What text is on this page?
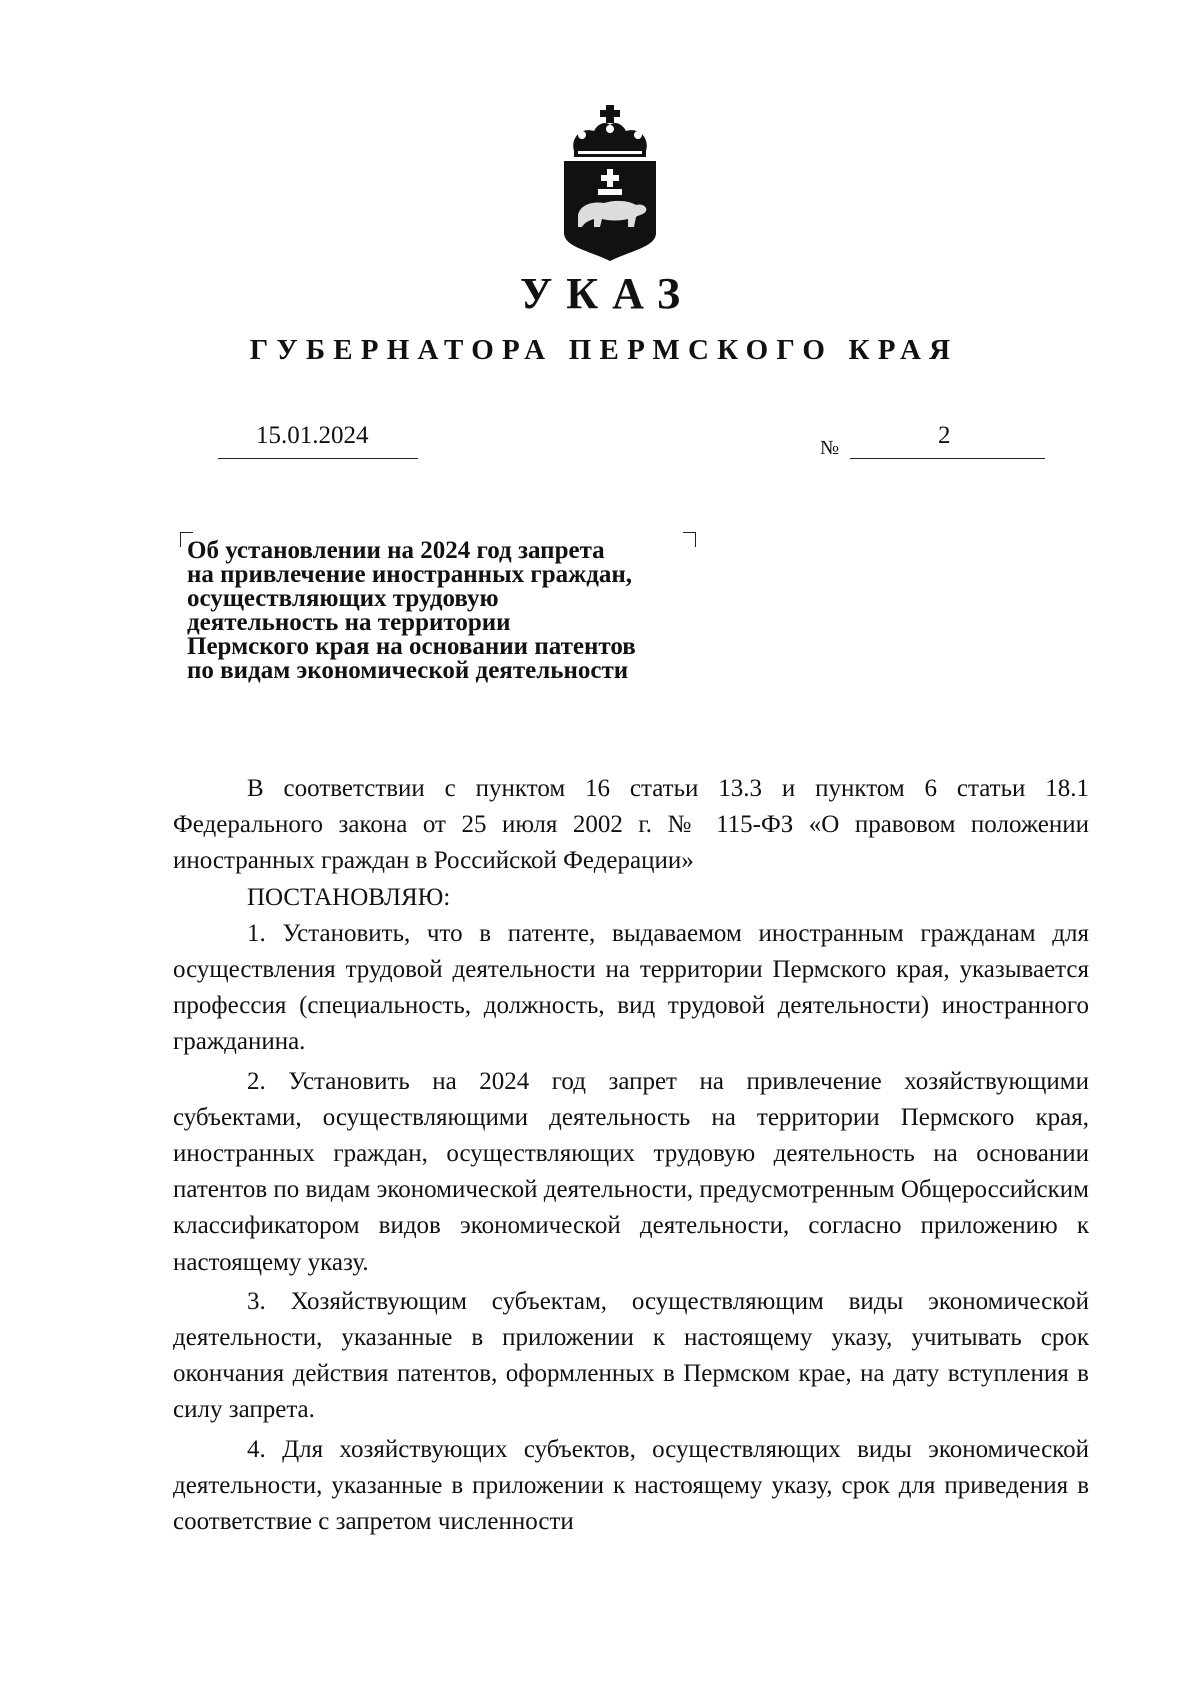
УКАЗ
ГУБЕРНАТОРА ПЕРМСКОГО КРАЯ
15.01.2024	№	2
Об установлении на 2024 год запрета
на привлечение иностранных граждан,
осуществляющих трудовую
деятельность на территории
Пермского края на основании патентов
по видам экономической деятельности

В соответствии с пунктом 16 статьи 13.3 и пунктом 6 статьи 18.1 Федерального закона от 25 июля 2002 г. № 115-ФЗ «О правовом положении иностранных граждан в Российской Федерации»

ПОСТАНОВЛЯЮ:

1. Установить, что в патенте, выдаваемом иностранным гражданам для осуществления трудовой деятельности на территории Пермского края, указывается профессия (специальность, должность, вид трудовой деятельности) иностранного гражданина.

2. Установить на 2024 год запрет на привлечение хозяйствующими субъектами, осуществляющими деятельность на территории Пермского края, иностранных граждан, осуществляющих трудовую деятельность на основании патентов по видам экономической деятельности, предусмотренным Общероссийским классификатором видов экономической деятельности, согласно приложению к настоящему указу.

3. Хозяйствующим субъектам, осуществляющим виды экономической деятельности, указанные в приложении к настоящему указу, учитывать срок окончания действия патентов, оформленных в Пермском крае, на дату вступления в силу запрета.

4. Для хозяйствующих субъектов, осуществляющих виды экономической деятельности, указанные в приложении к настоящему указу, срок для приведения в соответствие с запретом численности
